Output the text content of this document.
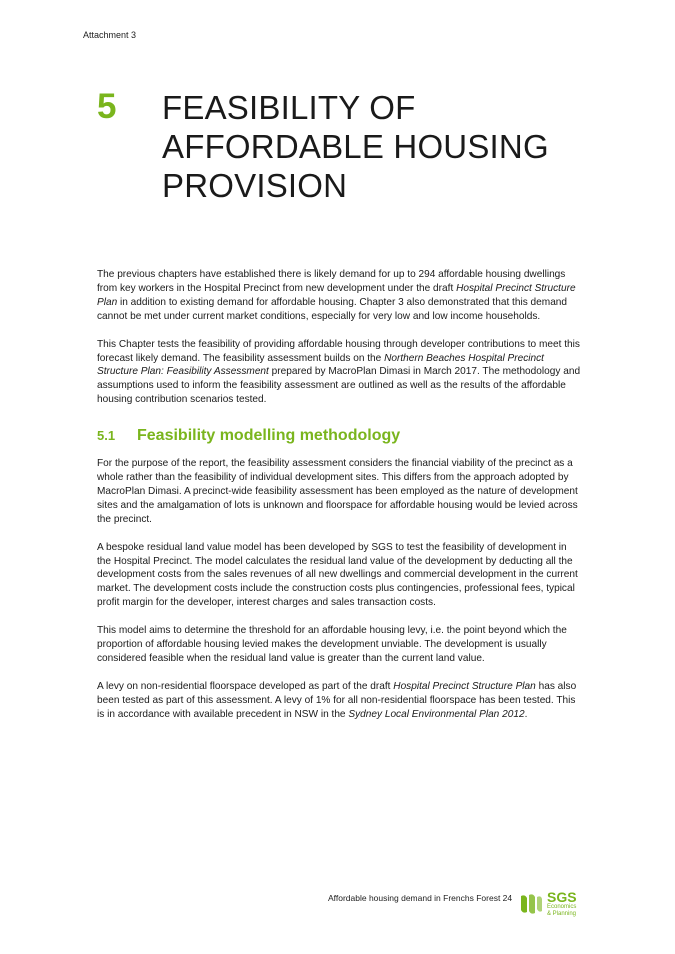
Attachment 3
5 FEASIBILITY OF
AFFORDABLE HOUSING
PROVISION

The previous chapters have established there is likely demand for up to 294 affordable housing dwellings from key workers in the Hospital Precinct from new development under the draft Hospital Precinct Structure Plan in addition to existing demand for affordable housing. Chapter 3 also demonstrated that this demand cannot be met under current market conditions, especially for very low and low income households.

This Chapter tests the feasibility of providing affordable housing through developer contributions to meet this forecast likely demand. The feasibility assessment builds on the Northern Beaches Hospital Precinct Structure Plan: Feasibility Assessment prepared by MacroPlan Dimasi in March 2017. The methodology and assumptions used to inform the feasibility assessment are outlined as well as the results of the affordable housing contribution scenarios tested.

5.1	Feasibility modelling methodology

For the purpose of the report, the feasibility assessment considers the financial viability of the precinct as a whole rather than the feasibility of individual development sites. This differs from the approach adopted by MacroPlan Dimasi. A precinct-wide feasibility assessment has been employed as the nature of development sites and the amalgamation of lots is unknown and floorspace for affordable housing would be levied across the precinct.

A bespoke residual land value model has been developed by SGS to test the feasibility of development in the Hospital Precinct. The model calculates the residual land value of the development by deducting all the development costs from the sales revenues of all new dwellings and commercial development in the current market. The development costs include the construction costs plus contingencies, professional fees, typical profit margin for the developer, interest charges and sales transaction costs.

This model aims to determine the threshold for an affordable housing levy, i.e. the point beyond which the proportion of affordable housing levied makes the development unviable. The development is usually considered feasible when the residual land value is greater than the current land value.

A levy on non-residential floorspace developed as part of the draft Hospital Precinct Structure Plan has also been tested as part of this assessment. A levy of 1% for all non-residential floorspace has been tested. This is in accordance with available precedent in NSW in the Sydney Local Environmental Plan 2012.

Affordable housing demand in Frenchs Forest 24 SGS
Economics
& Planning
